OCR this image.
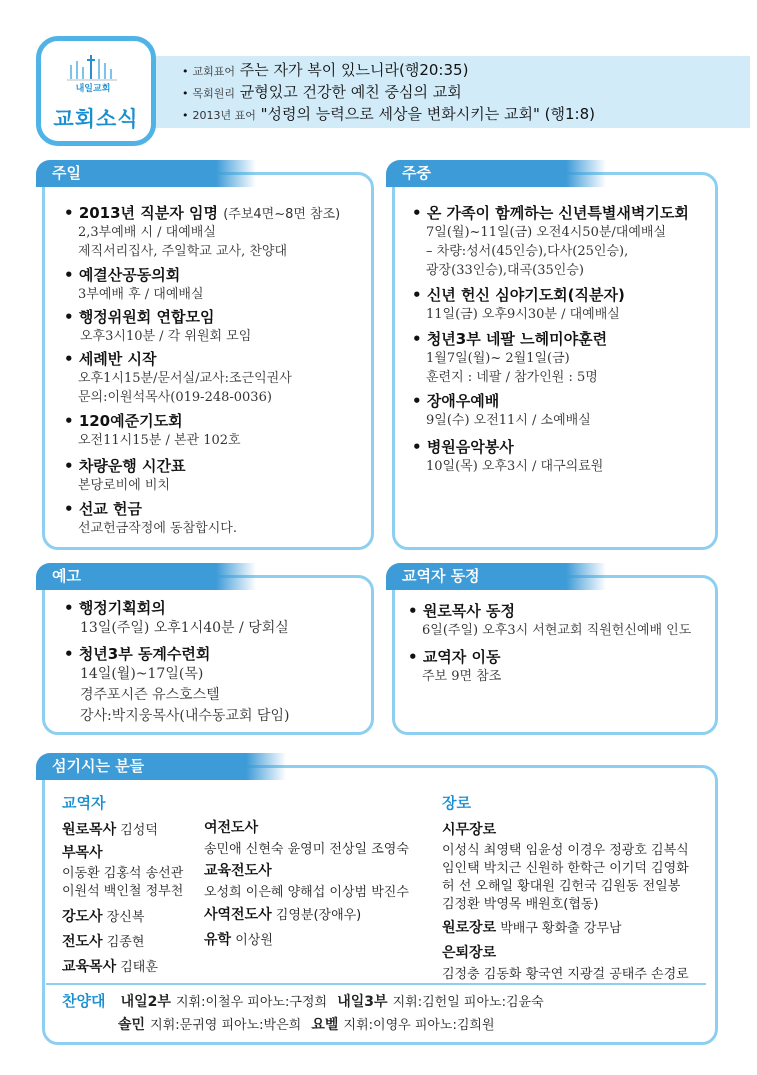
• 교회표어 주는 자가 복이 있느니라(행20:35)
• 목회원리 균형있고 건강한 예친 중심의 교회
• 2013년 표어 "성령의 능력으로 세상을 변화시키는 교회" (행1:8)
내일교회
교회소식
주일
• 2013년 직분자 임명 (주보4면~8면 참조)
2,3부예배 시 / 대예배실
제직서리집사, 주일학교 교사, 찬양대
• 예결산공동의회
3부예배 후 / 대예배실
• 행정위원회 연합모임
오후3시10분 / 각 위원회 모임
• 세례반 시작
오후1시15분/문서실/교사:조근익권사
문의:이원석목사(019-248-0036)
• 120예준기도회
오전11시15분 / 본관 102호
• 차량운행 시간표
본당로비에 비치
• 선교 헌금
선교헌금작정에 동참합시다.
주중
• 온 가족이 함께하는 신년특별새벽기도회
7일(월)~11일(금) 오전4시50분/대예배실
– 차량:성서(45인승),다사(25인승),
광장(33인승),대곡(35인승)
• 신년 헌신 심야기도회(직분자)
11일(금) 오후9시30분 / 대예배실
• 청년3부 네팔 느헤미야훈련
1월7일(월)~ 2월1일(금)
훈련지 : 네팔 / 참가인원 : 5명
• 장애우예배
9일(수) 오전11시 / 소예배실
• 병원음악봉사
10일(목) 오후3시 / 대구의료원
예고
• 행정기획회의
13일(주일) 오후1시40분 / 당회실
• 청년3부 동계수련회
14일(월)~17일(목)
경주포시즌 유스호스텔
강사:박지웅목사(내수동교회 담임)
교역자 동정
• 원로목사 동정
6일(주일) 오후3시 서현교회 직원헌신예배 인도
• 교역자 이동
주보 9면 참조
섬기시는 분들
교역자
원로목사 김성덕
부목사
이동환 김홍석 송선관
이원석 백인철 정부천
강도사 장신복
전도사 김종현
교육목사 김태훈
여전도사
송민애 신현숙 윤영미 전상일 조영숙
교육전도사
오성희 이은혜 양해섭 이상범 박진수
사역전도사 김영분(장애우)
유학 이상원
장로
시무장로
이성식 최영택 임윤성 이경우 정광호 김복식
임인택 박치근 신원하 한학근 이기덕 김영화
허 선 오해일 황대원 김헌국 김원동 전일봉
김정환 박영목 배원호(협동)
원로장로 박배구 황화출 강무남
은퇴장로
김정충 김동화 황국연 지광걸 공태주 손경로
찬양대 내일2부 지휘:이철우 피아노:구정희 내일3부 지휘:김헌일 피아노:김윤숙
솔민 지휘:문귀영 피아노:박은희 요벨 지휘:이영우 피아노:김희원
